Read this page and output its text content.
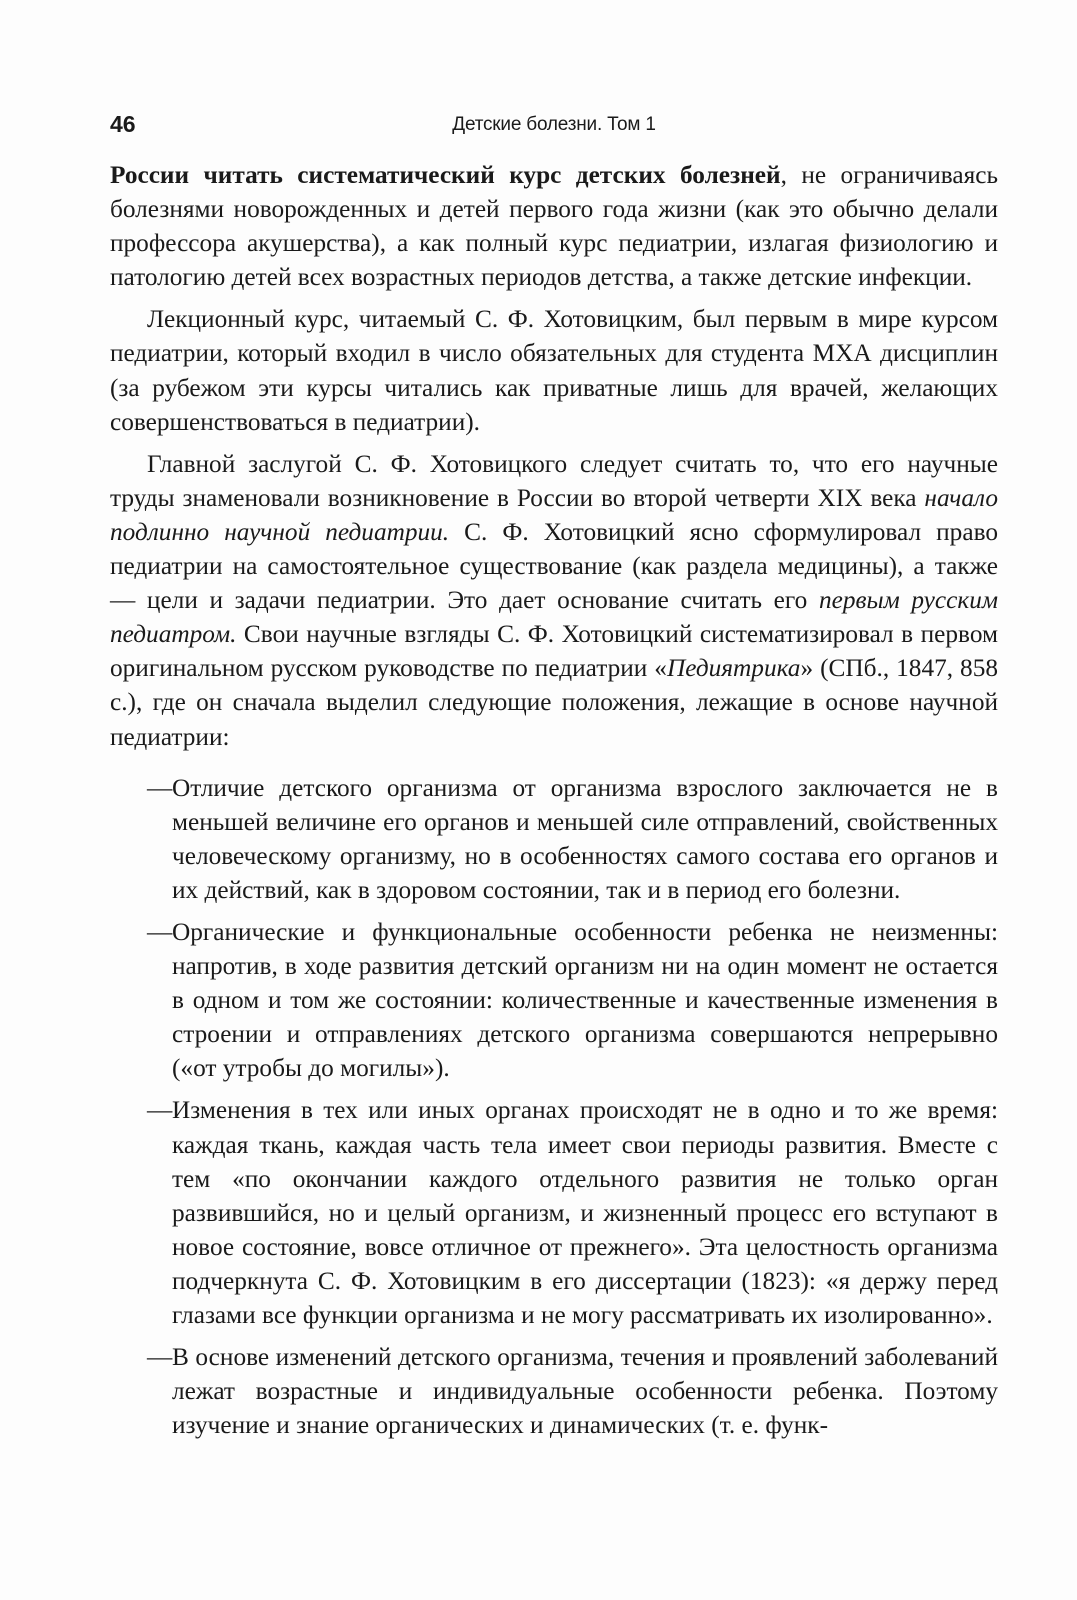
46	Детские болезни. Том 1

России читать систематический курс детских болезней, не ограничиваясь болезнями новорожденных и детей первого года жизни (как это обычно делали профессора акушерства), а как полный курс педиатрии, излагая физиологию и патологию детей всех возрастных периодов детства, а также детские инфекции.

Лекционный курс, читаемый С. Ф. Хотовицким, был первым в мире курсом педиатрии, который входил в число обязательных для студента МХА дисциплин (за рубежом эти курсы читались как приватные лишь для врачей, желающих совершенствоваться в педиатрии).

Главной заслугой С. Ф. Хотовицкого следует считать то, что его научные труды знаменовали возникновение в России во второй четверти XIX века начало подлинно научной педиатрии. С. Ф. Хотовицкий ясно сформулировал право педиатрии на самостоятельное существование (как раздела медицины), а также — цели и задачи педиатрии. Это дает основание считать его первым русским педиатром. Свои научные взгляды С. Ф. Хотовицкий систематизировал в первом оригинальном русском руководстве по педиатрии «Педиятрика» (СПб., 1847, 858 с.), где он сначала выделил следующие положения, лежащие в основе научной педиатрии:

— Отличие детского организма от организма взрослого заключается не в меньшей величине его органов и меньшей силе отправлений, свойственных человеческому организму, но в особенностях самого состава его органов и их действий, как в здоровом состоянии, так и в период его болезни.
— Органические и функциональные особенности ребенка не неизменны: напротив, в ходе развития детский организм ни на один момент не остается в одном и том же состоянии: количественные и качественные изменения в строении и отправлениях детского организма совершаются непрерывно («от утробы до могилы»).
— Изменения в тех или иных органах происходят не в одно и то же время: каждая ткань, каждая часть тела имеет свои периоды развития. Вместе с тем «по окончании каждого отдельного развития не только орган развившийся, но и целый организм, и жизненный процесс его вступают в новое состояние, вовсе отличное от прежнего». Эта целостность организма подчеркнута С. Ф. Хотовицким в его диссертации (1823): «я держу перед глазами все функции организма и не могу рассматривать их изолированно».
— В основе изменений детского организма, течения и проявлений заболеваний лежат возрастные и индивидуальные особенности ребенка. Поэтому изучение и знание органических и динамических (т. е. функ-
